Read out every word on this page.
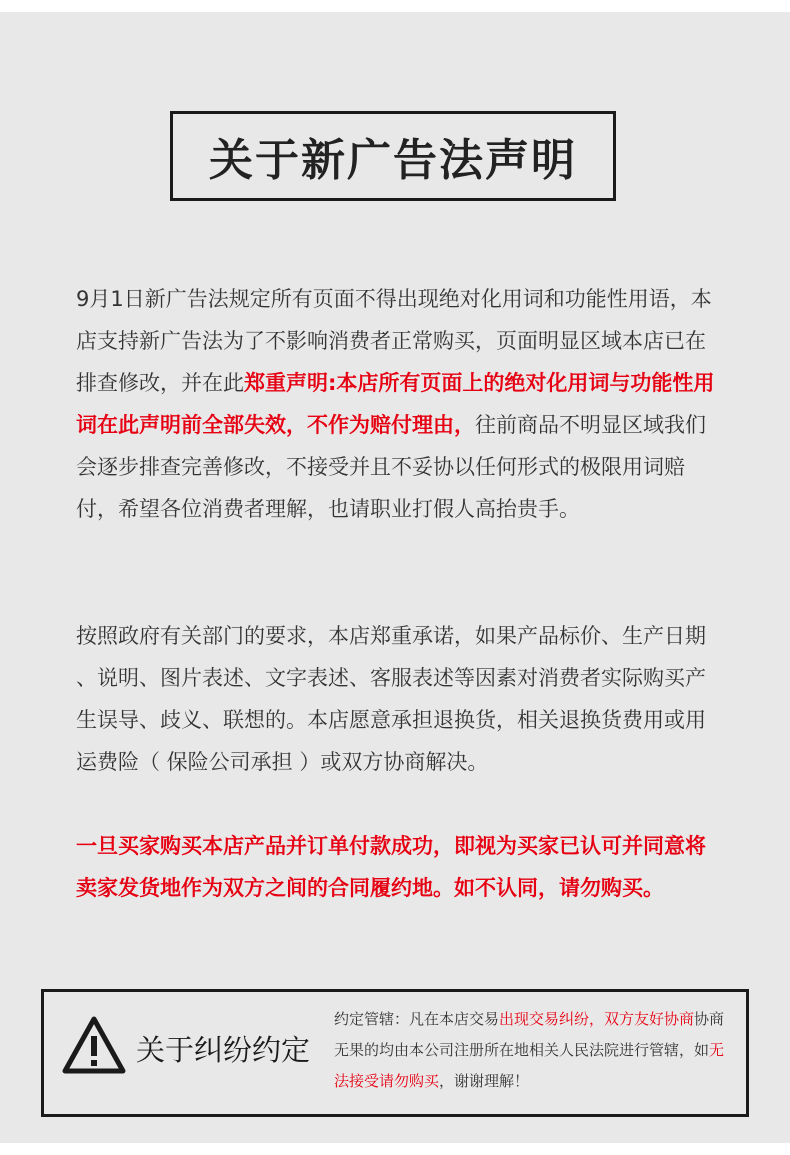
关于新广告法声明

9月1日新广告法规定所有页面不得出现绝对化用词和功能性用语，本店支持新广告法为了不影响消费者正常购买，页面明显区域本店已在排查修改，并在此郑重声明:本店所有页面上的绝对化用词与功能性用词在此声明前全部失效，不作为赔付理由，往前商品不明显区域我们会逐步排查完善修改，不接受并且不妥协以任何形式的极限用词赔付，希望各位消费者理解，也请职业打假人高抬贵手。

按照政府有关部门的要求，本店郑重承诺，如果产品标价、生产日期 、说明、图片表述、文字表述、客服表述等因素对消费者实际购买产生误导、歧义、联想的。本店愿意承担退换货，相关退换货费用或用运费险（ 保险公司承担 ）或双方协商解决。

一旦买家购买本店产品并订单付款成功，即视为买家已认可并同意将卖家发货地作为双方之间的合同履约地。如不认同，请勿购买。

关于纠纷约定
约定管辖：凡在本店交易出现交易纠纷，双方友好协商协商无果的均由本公司注册所在地相关人民法院进行管辖，如无法接受请勿购买，谢谢理解！
